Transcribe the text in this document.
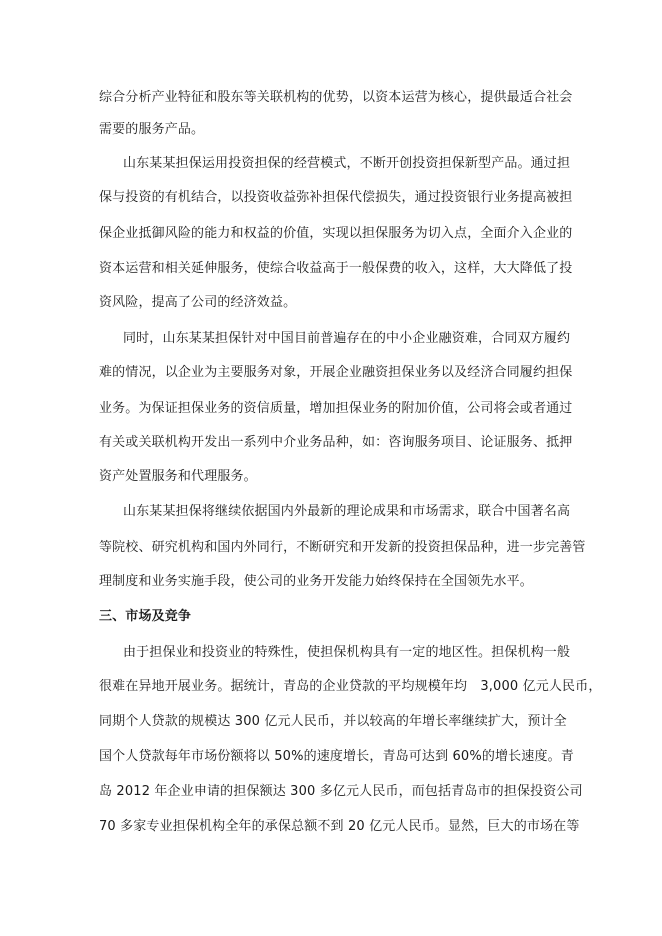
综合分析产业特征和股东等关联机构的优势，以资本运营为核心，提供最适合社会
需要的服务产品。
山东某某担保运用投资担保的经营模式，不断开创投资担保新型产品。通过担
保与投资的有机结合，以投资收益弥补担保代偿损失，通过投资银行业务提高被担
保企业抵御风险的能力和权益的价值，实现以担保服务为切入点，全面介入企业的
资本运营和相关延伸服务，使综合收益高于一般保费的收入，这样，大大降低了投
资风险，提高了公司的经济效益。
同时，山东某某担保针对中国目前普遍存在的中小企业融资难，合同双方履约
难的情况，以企业为主要服务对象，开展企业融资担保业务以及经济合同履约担保
业务。为保证担保业务的资信质量，增加担保业务的附加价值，公司将会或者通过
有关或关联机构开发出一系列中介业务品种，如：咨询服务项目、论证服务、抵押
资产处置服务和代理服务。
山东某某担保将继续依据国内外最新的理论成果和市场需求，联合中国著名高
等院校、研究机构和国内外同行，不断研究和开发新的投资担保品种，进一步完善管
理制度和业务实施手段，使公司的业务开发能力始终保持在全国领先水平。
三、市场及竞争
由于担保业和投资业的特殊性，使担保机构具有一定的地区性。担保机构一般
很难在异地开展业务。据统计，青岛的企业贷款的平均规模年均　3,000 亿元人民币，
同期个人贷款的规模达 300 亿元人民币，并以较高的年增长率继续扩大，预计全
国个人贷款每年市场份额将以 50%的速度增长，青岛可达到 60%的增长速度。青
岛 2012 年企业申请的担保额达 300 多亿元人民币，而包括青岛市的担保投资公司
70 多家专业担保机构全年的承保总额不到 20 亿元人民币。显然，巨大的市场在等
